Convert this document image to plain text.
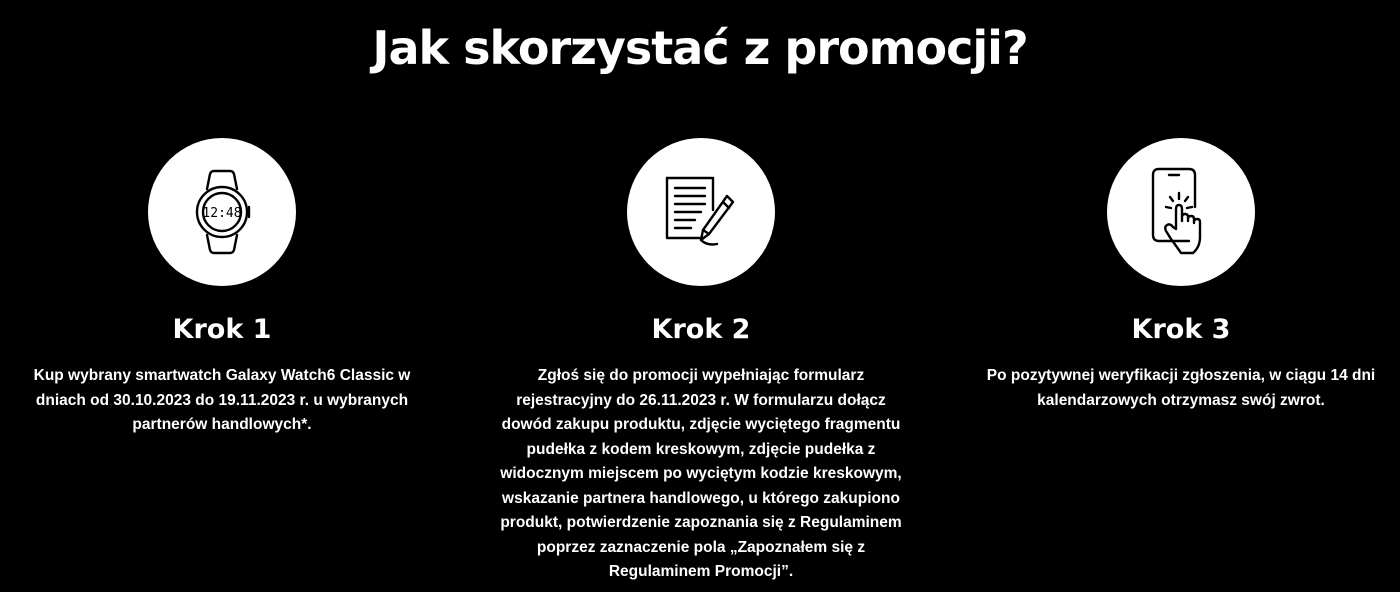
Jak skorzystać z promocji?
12:48
Krok 1

Kup wybrany smartwatch Galaxy Watch6 Classic w dniach od 30.10.2023 do 19.11.2023 r. u wybranych partnerów handlowych*.

Krok 2

Zgłoś się do promocji wypełniając formularz rejestracyjny do 26.11.2023 r. W formularzu dołącz dowód zakupu produktu, zdjęcie wyciętego fragmentu pudełka z kodem kreskowym, zdjęcie pudełka z widocznym miejscem po wyciętym kodzie kreskowym, wskazanie partnera handlowego, u którego zakupiono produkt, potwierdzenie zapoznania się z Regulaminem poprzez zaznaczenie pola „Zapoznałem się z Regulaminem Promocji”.

Krok 3

Po pozytywnej weryfikacji zgłoszenia, w ciągu 14 dni kalendarzowych otrzymasz swój zwrot.
